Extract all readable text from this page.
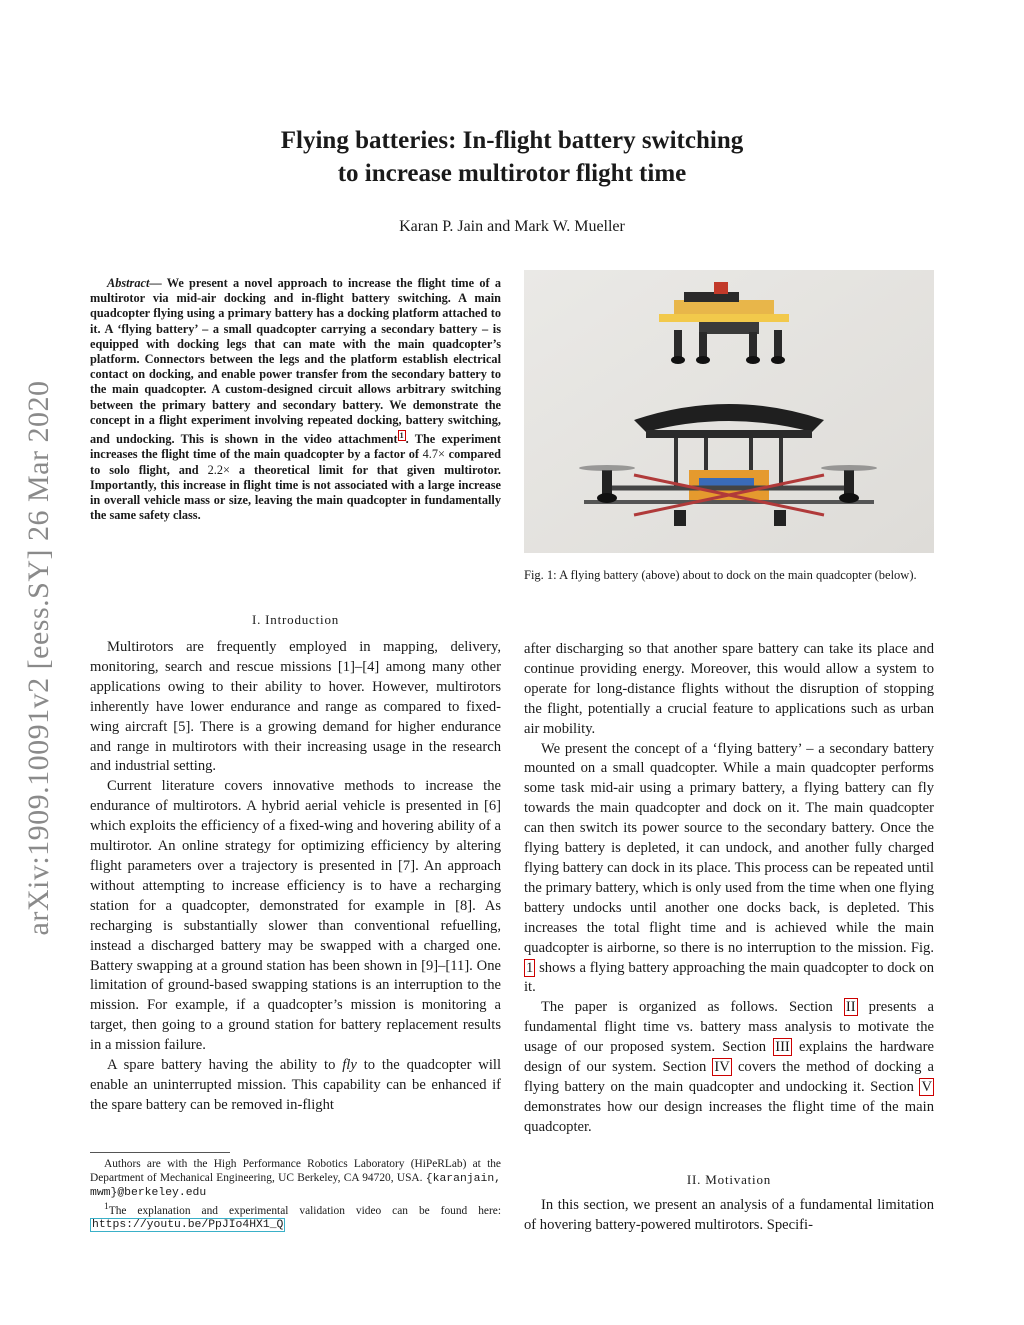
arXiv:1909.10091v2 [eess.SY] 26 Mar 2020
Flying batteries: In-flight battery switching
to increase multirotor flight time
Karan P. Jain and Mark W. Mueller
Abstract— We present a novel approach to increase the flight time of a multirotor via mid-air docking and in-flight battery switching. A main quadcopter flying using a primary battery has a docking platform attached to it. A ‘flying battery’ – a small quadcopter carrying a secondary battery – is equipped with docking legs that can mate with the main quadcopter’s platform. Connectors between the legs and the platform establish electrical contact on docking, and enable power transfer from the secondary battery to the main quadcopter. A custom-designed circuit allows arbitrary switching between the primary battery and secondary battery. We demonstrate the concept in a flight experiment involving repeated docking, battery switching, and undocking. This is shown in the video attachment $^1$ . The experiment increases the flight time of the main quadcopter by a factor of 4.7× compared to solo flight, and 2.2× a theoretical limit for that given multirotor. Importantly, this increase in flight time is not associated with a large increase in overall vehicle mass or size, leaving the main quadcopter in fundamentally the same safety class.
Fig. 1: A flying battery (above) about to dock on the main quadcopter (below).
I. Introduction

Multirotors are frequently employed in mapping, delivery, monitoring, search and rescue missions [1]–[4] among many other applications owing to their ability to hover. However, multirotors inherently have lower endurance and range as compared to fixed-wing aircraft [5]. There is a growing demand for higher endurance and range in multirotors with their increasing usage in the research and industrial setting.

Current literature covers innovative methods to increase the endurance of multirotors. A hybrid aerial vehicle is presented in [6] which exploits the efficiency of a fixed-wing and hovering ability of a multirotor. An online strategy for optimizing efficiency by altering flight parameters over a trajectory is presented in [7]. An approach without attempting to increase efficiency is to have a recharging station for a quadcopter, demonstrated for example in [8]. As recharging is substantially slower than conventional refuelling, instead a discharged battery may be swapped with a charged one. Battery swapping at a ground station has been shown in [9]–[11]. One limitation of ground-based swapping stations is an interruption to the mission. For example, if a quadcopter’s mission is monitoring a target, then going to a ground station for battery replacement results in a mission failure.

A spare battery having the ability to fly to the quadcopter will enable an uninterrupted mission. This capability can be enhanced if the spare battery can be removed in-flight

Authors are with the High Performance Robotics Laboratory (HiPeRLab) at the Department of Mechanical Engineering, UC Berkeley, CA 94720, USA. {karanjain, mwm}@berkeley.edu

$^1$The explanation and experimental validation video can be found here: https://youtu.be/PpJIo4HX1_Q

after discharging so that another spare battery can take its place and continue providing energy. Moreover, this would allow a system to operate for long-distance flights without the disruption of stopping the flight, potentially a crucial feature to applications such as urban air mobility.

We present the concept of a ‘flying battery’ – a secondary battery mounted on a small quadcopter. While a main quadcopter performs some task mid-air using a primary battery, a flying battery can fly towards the main quadcopter and dock on it. The main quadcopter can then switch its power source to the secondary battery. Once the flying battery is depleted, it can undock, and another fully charged flying battery can dock in its place. This process can be repeated until the primary battery, which is only used from the time when one flying battery undocks until another one docks back, is depleted. This increases the total flight time and is achieved while the main quadcopter is airborne, so there is no interruption to the mission. Fig. 1 shows a flying battery approaching the main quadcopter to dock on it.

The paper is organized as follows. Section II presents a fundamental flight time vs. battery mass analysis to motivate the usage of our proposed system. Section III explains the hardware design of our system. Section IV covers the method of docking a flying battery on the main quadcopter and undocking it. Section V demonstrates how our design increases the flight time of the main quadcopter.

II. Motivation

In this section, we present an analysis of a fundamental limitation of hovering battery-powered multirotors. Specifi-
